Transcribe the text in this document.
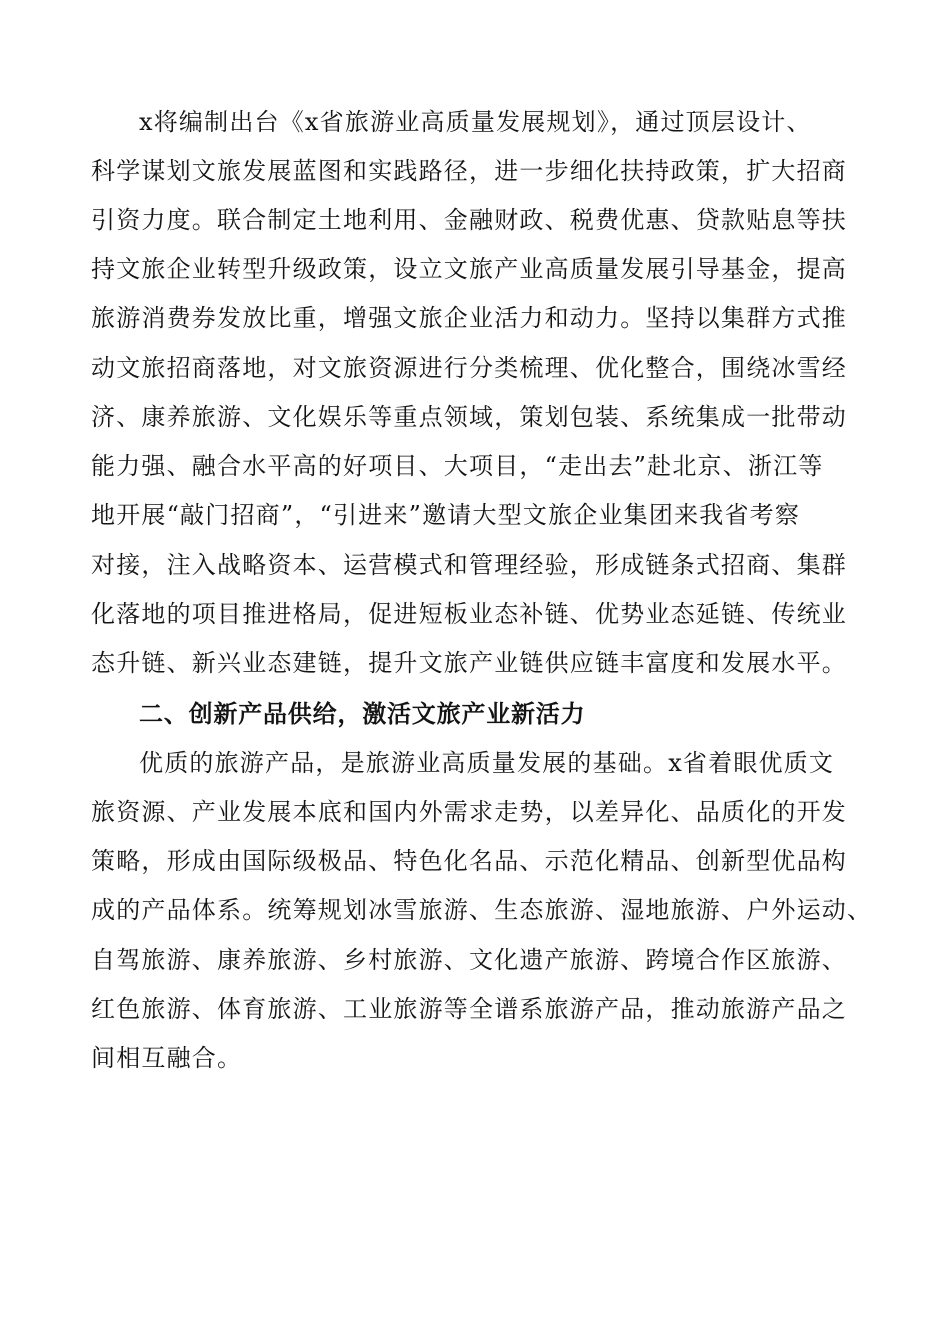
x将编制出台《x省旅游业高质量发展规划》，通过顶层设计、
科学谋划文旅发展蓝图和实践路径，进一步细化扶持政策，扩大招商
引资力度。联合制定土地利用、金融财政、税费优惠、贷款贴息等扶
持文旅企业转型升级政策，设立文旅产业高质量发展引导基金，提高
旅游消费券发放比重，增强文旅企业活力和动力。坚持以集群方式推
动文旅招商落地，对文旅资源进行分类梳理、优化整合，围绕冰雪经
济、康养旅游、文化娱乐等重点领域，策划包装、系统集成一批带动
能力强、融合水平高的好项目、大项目，“走出去”赴北京、浙江等
地开展“敲门招商”，“引进来”邀请大型文旅企业集团来我省考察
对接，注入战略资本、运营模式和管理经验，形成链条式招商、集群
化落地的项目推进格局，促进短板业态补链、优势业态延链、传统业
态升链、新兴业态建链，提升文旅产业链供应链丰富度和发展水平。
二、创新产品供给，激活文旅产业新活力
优质的旅游产品，是旅游业高质量发展的基础。x省着眼优质文
旅资源、产业发展本底和国内外需求走势，以差异化、品质化的开发
策略，形成由国际级极品、特色化名品、示范化精品、创新型优品构
成的产品体系。统筹规划冰雪旅游、生态旅游、湿地旅游、户外运动、
自驾旅游、康养旅游、乡村旅游、文化遗产旅游、跨境合作区旅游、
红色旅游、体育旅游、工业旅游等全谱系旅游产品，推动旅游产品之
间相互融合。
